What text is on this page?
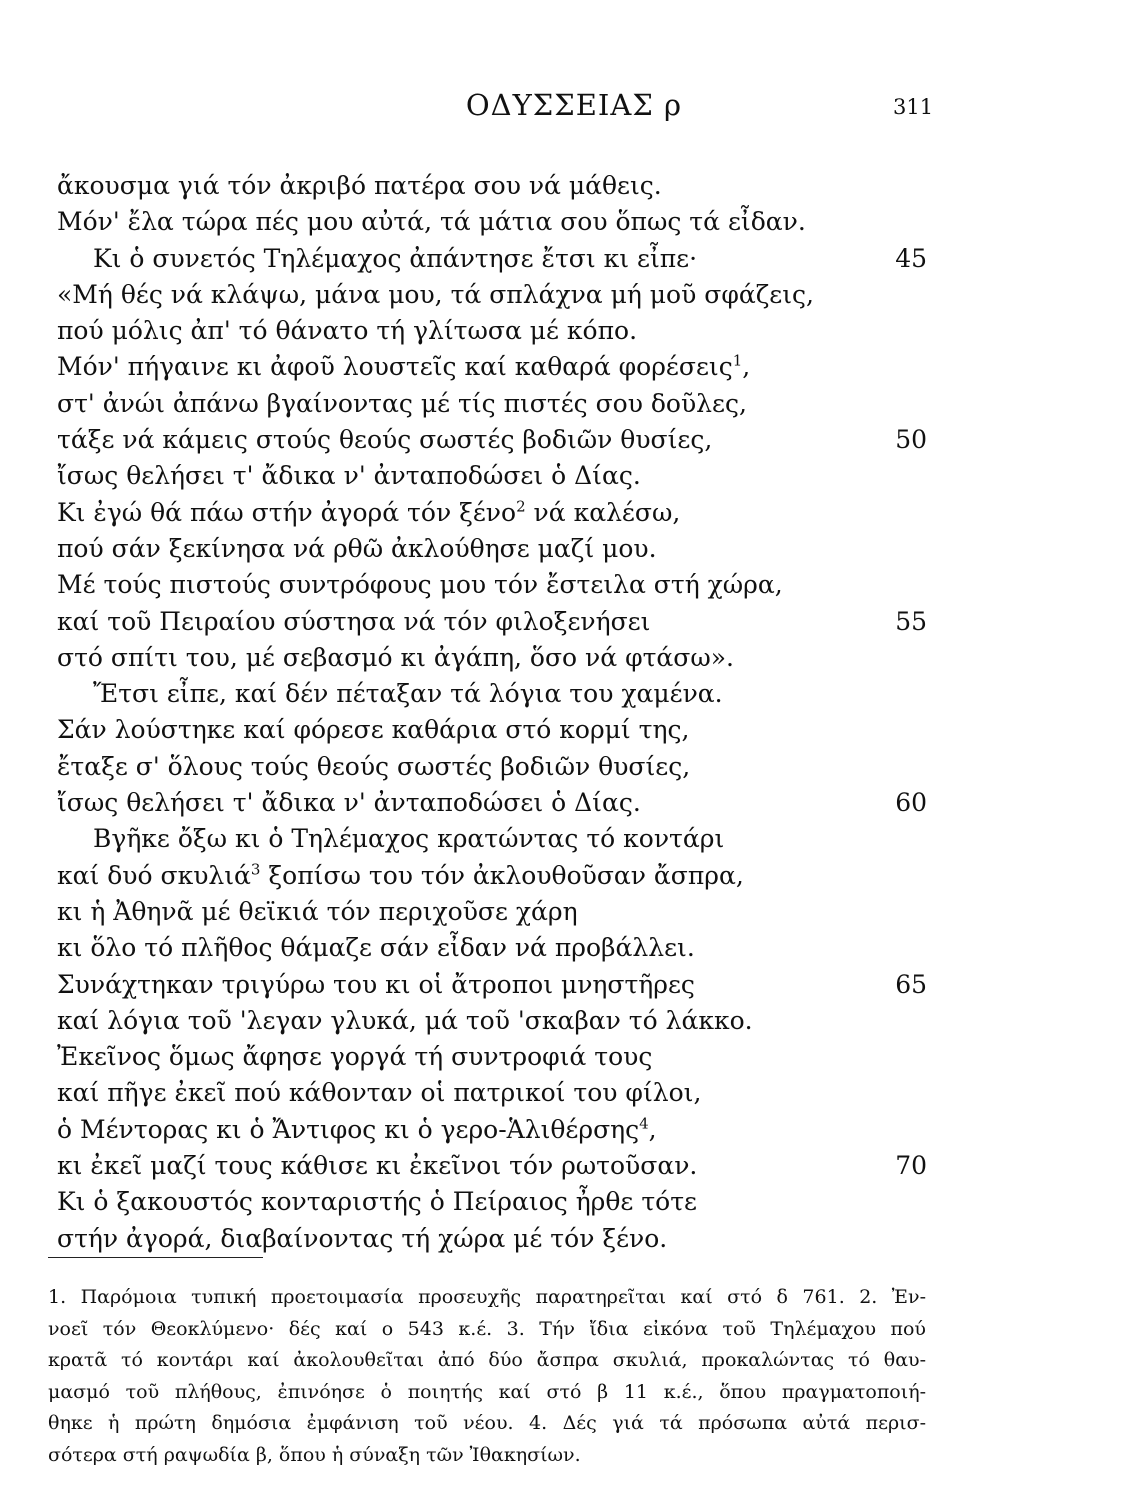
ΟΔΥΣΣΕΙΑΣ ρ	311
ἄκουσμα γιά τόν ἀκριβό πατέρα σου νά μάθεις.
Μόν' ἔλα τώρα πές μου αὐτά, τά μάτια σου ὅπως τά εἶδαν.
Κι ὁ συνετός Τηλέμαχος ἀπάντησε ἔτσι κι εἶπε·	45
«Μή θές νά κλάψω, μάνα μου, τά σπλάχνα μή μοῦ σφάζεις,
πού μόλις ἀπ' τό θάνατο τή γλίτωσα μέ κόπο.
Μόν' πήγαινε κι ἀφοῦ λουστεῖς καί καθαρά φορέσεις$^1$,
στ' ἀνώι ἀπάνω βγαίνοντας μέ τίς πιστές σου δοῦλες,
τάξε νά κάμεις στούς θεούς σωστές βοδιῶν θυσίες,	50
ἴσως θελήσει τ' ἄδικα ν' ἀνταποδώσει ὁ Δίας.
Κι ἐγώ θά πάω στήν ἀγορά τόν ξένο$^2$ νά καλέσω,
πού σάν ξεκίνησα νά ρθῶ ἀκλούθησε μαζί μου.
Μέ τούς πιστούς συντρόφους μου τόν ἔστειλα στή χώρα,
καί τοῦ Πειραίου σύστησα νά τόν φιλοξενήσει	55
στό σπίτι του, μέ σεβασμό κι ἀγάπη, ὅσο νά φτάσω».
Ἔτσι εἶπε, καί δέν πέταξαν τά λόγια του χαμένα.
Σάν λούστηκε καί φόρεσε καθάρια στό κορμί της,
ἔταξε σ' ὅλους τούς θεούς σωστές βοδιῶν θυσίες,
ἴσως θελήσει τ' ἄδικα ν' ἀνταποδώσει ὁ Δίας.	60
Βγῆκε ὄξω κι ὁ Τηλέμαχος κρατώντας τό κοντάρι
καί δυό σκυλιά$^3$ ξοπίσω του τόν ἀκλουθοῦσαν ἄσπρα,
κι ἡ Ἀθηνᾶ μέ θεϊκιά τόν περιχοῦσε χάρη
κι ὅλο τό πλῆθος θάμαζε σάν εἶδαν νά προβάλλει.
Συνάχτηκαν τριγύρω του κι οἱ ἄτροποι μνηστῆρες	65
καί λόγια τοῦ 'λεγαν γλυκά, μά τοῦ 'σκαβαν τό λάκκο.
Ἐκεῖνος ὅμως ἄφησε γοργά τή συντροφιά τους
καί πῆγε ἐκεῖ πού κάθονταν οἱ πατρικοί του φίλοι,
ὁ Μέντορας κι ὁ Ἄντιφος κι ὁ γερο-Ἁλιθέρσης$^4$,
κι ἐκεῖ μαζί τους κάθισε κι ἐκεῖνοι τόν ρωτοῦσαν.	70
Κι ὁ ξακουστός κονταριστής ὁ Πείραιος ἦρθε τότε
στήν ἀγορά, διαβαίνοντας τή χώρα μέ τόν ξένο.
1. Παρόμοια τυπική προετοιμασία προσευχῆς παρατηρεῖται καί στό δ 761. 2. Ἐν-
νοεῖ τόν Θεοκλύμενο· δές καί ο 543 κ.έ. 3. Τήν ἴδια εἰκόνα τοῦ Τηλέμαχου πού
κρατᾶ τό κοντάρι καί ἀκολουθεῖται ἀπό δύο ἄσπρα σκυλιά, προκαλώντας τό θαυ-
μασμό τοῦ πλήθους, ἐπινόησε ὁ ποιητής καί στό β 11 κ.έ., ὅπου πραγματοποιή-
θηκε ἡ πρώτη δημόσια ἐμφάνιση τοῦ νέου. 4. Δές γιά τά πρόσωπα αὐτά περισ-
σότερα στή ραψωδία β, ὅπου ἡ σύναξη τῶν Ἰθακησίων.
